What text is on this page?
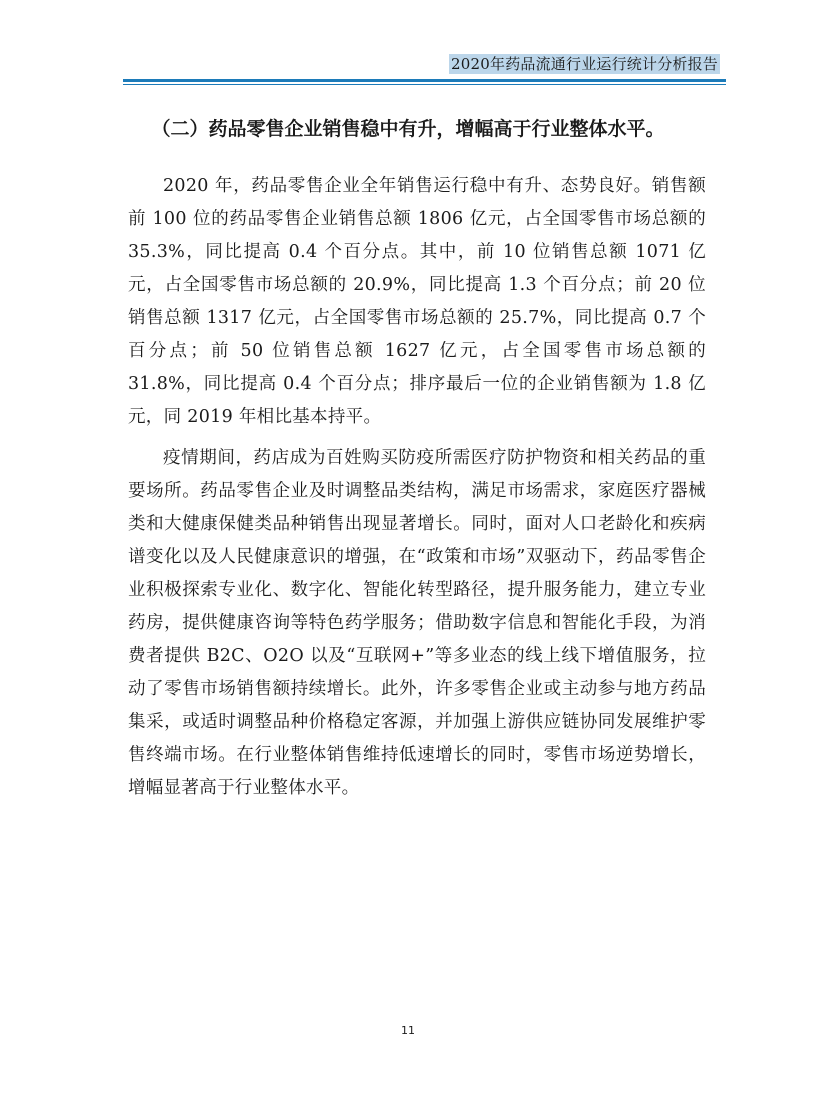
2020年药品流通行业运行统计分析报告
（二）药品零售企业销售稳中有升，增幅高于行业整体水平。

2020 年，药品零售企业全年销售运行稳中有升、态势良好。销售额前 100 位的药品零售企业销售总额 1806 亿元，占全国零售市场总额的 35.3%，同比提高 0.4 个百分点。其中，前 10 位销售总额 1071 亿元，占全国零售市场总额的 20.9%，同比提高 1.3 个百分点；前 20 位销售总额 1317 亿元，占全国零售市场总额的 25.7%，同比提高 0.7 个百分点；前 50 位销售总额 1627 亿元，占全国零售市场总额的 31.8%，同比提高 0.4 个百分点；排序最后一位的企业销售额为 1.8 亿元，同 2019 年相比基本持平。

疫情期间，药店成为百姓购买防疫所需医疗防护物资和相关药品的重要场所。药品零售企业及时调整品类结构，满足市场需求，家庭医疗器械类和大健康保健类品种销售出现显著增长。同时，面对人口老龄化和疾病谱变化以及人民健康意识的增强，在“政策和市场”双驱动下，药品零售企业积极探索专业化、数字化、智能化转型路径，提升服务能力，建立专业药房，提供健康咨询等特色药学服务；借助数字信息和智能化手段，为消费者提供 B2C、O2O 以及“互联网+”等多业态的线上线下增值服务，拉动了零售市场销售额持续增长。此外，许多零售企业或主动参与地方药品集采，或适时调整品种价格稳定客源，并加强上游供应链协同发展维护零售终端市场。在行业整体销售维持低速增长的同时，零售市场逆势增长，增幅显著高于行业整体水平。

11
